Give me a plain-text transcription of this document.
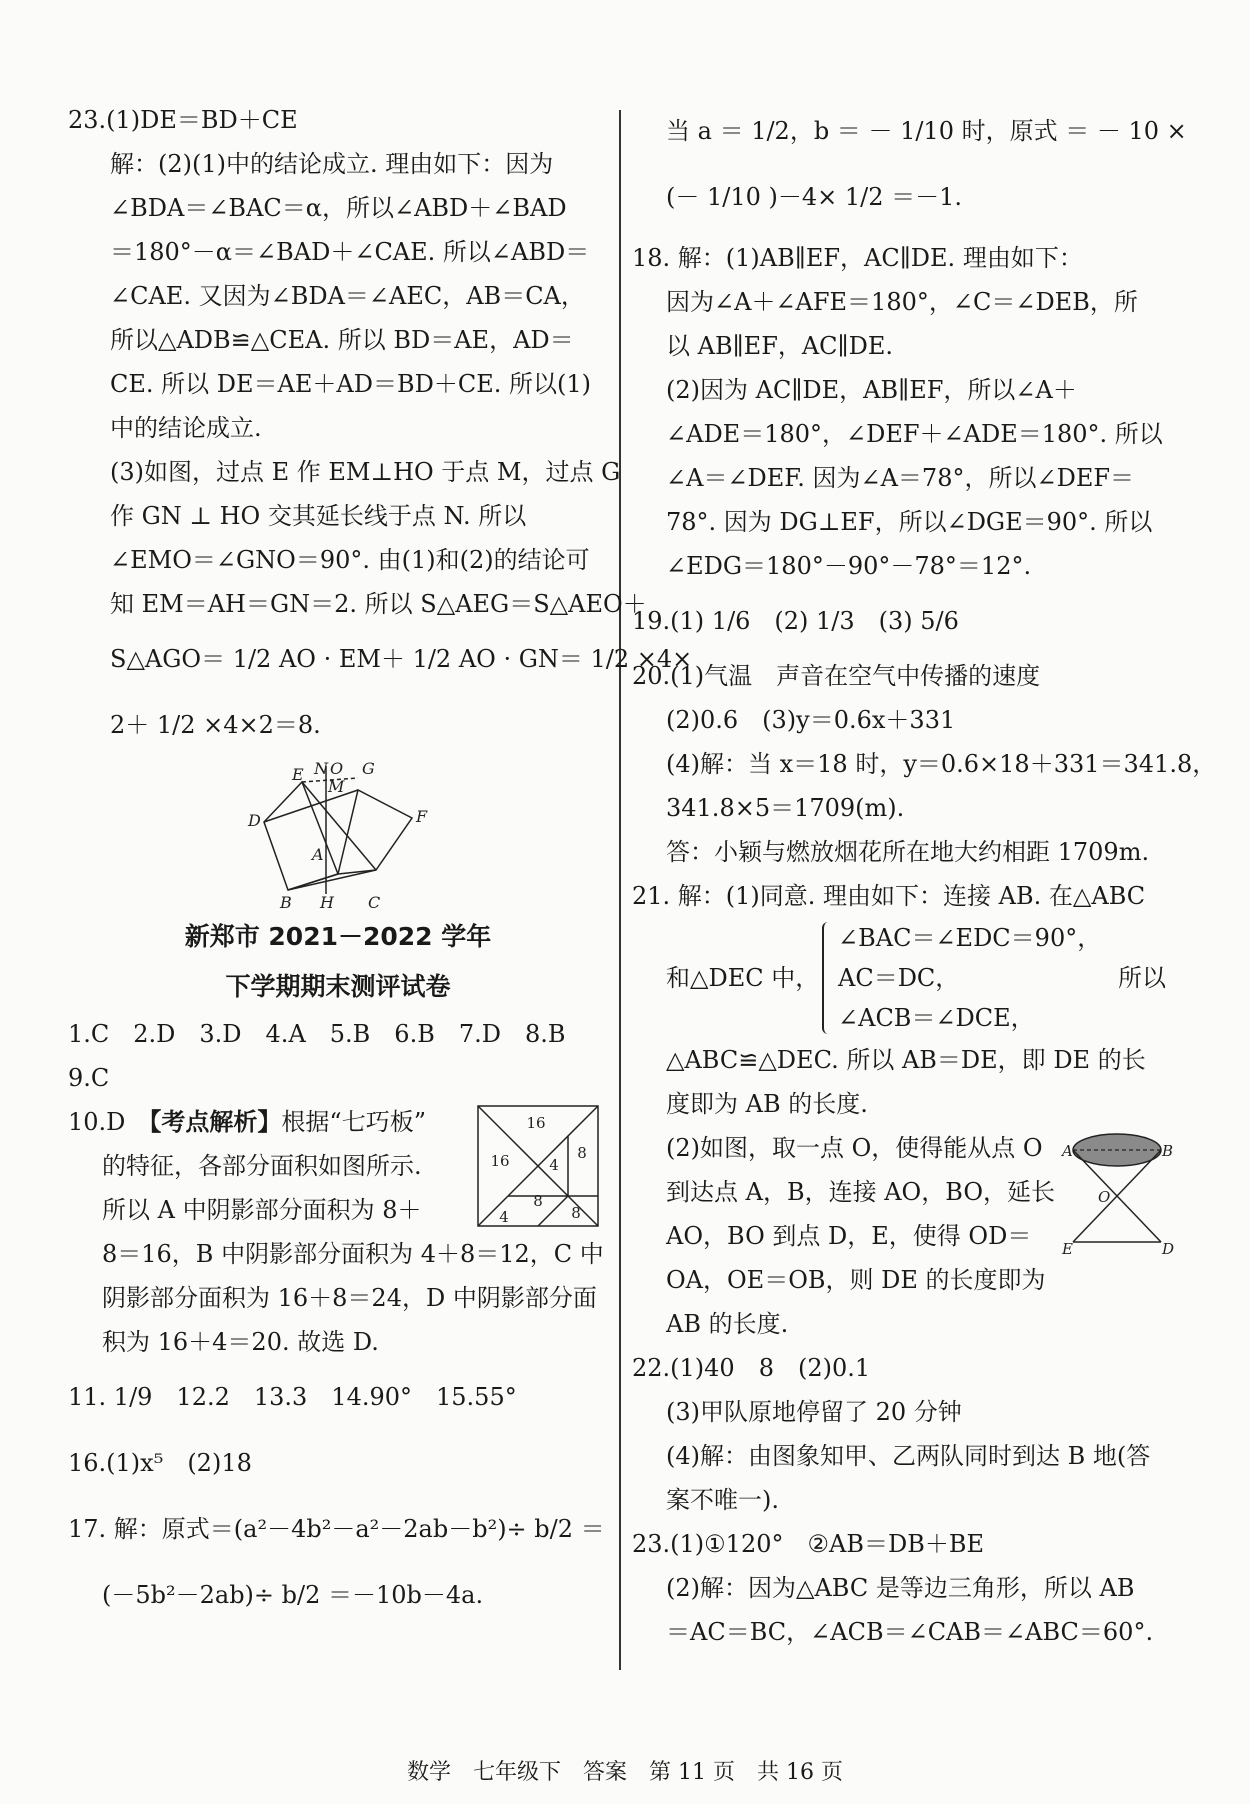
23.(1)DE＝BD＋CE
解：(2)(1)中的结论成立. 理由如下：因为
∠BDA＝∠BAC＝α，所以∠ABD＋∠BAD
＝180°－α＝∠BAD＋∠CAE. 所以∠ABD＝
∠CAE. 又因为∠BDA＝∠AEC，AB＝CA，
所以△ADB≌△CEA. 所以 BD＝AE，AD＝
CE. 所以 DE＝AE＋AD＝BD＋CE. 所以(1)
中的结论成立.
(3)如图，过点 E 作 EM⊥HO 于点 M，过点 G
作 GN ⊥ HO 交其延长线于点 N. 所以
∠EMO＝∠GNO＝90°. 由(1)和(2)的结论可
知 EM＝AH＝GN＝2. 所以 S△AEG＝S△AEO＋
S△AGO＝ 1/2 AO · EM＋ 1/2 AO · GN＝ 1/2 ×4×
2＋ 1/2 ×4×2＝8.
E N O G
M
D	F
A
B H C
新郑市 2021－2022 学年
下学期期末测评试卷
1.C　2.D　3.D　4.A　5.B　6.B　7.D　8.B
9.C
10.D　【考点解析】根据“七巧板”
的特征，各部分面积如图所示.
所以 A 中阴影部分面积为 8＋
8＝16，B 中阴影部分面积为 4＋8＝12，C 中
阴影部分面积为 16＋8＝24，D 中阴影部分面
积为 16＋4＝20. 故选 D.
16
16	4
8
8
4	8
11. 1/9　12.2　13.3　14.90°　15.55°
16.(1)x⁵　(2)18
17. 解：原式＝(a²－4b²－a²－2ab－b²)÷ b/2 ＝
(－5b²－2ab)÷ b/2 ＝－10b－4a.
当 a ＝ 1/2，b ＝ － 1/10 时，原式 ＝ － 10 ×
(－ 1/10 )－4× 1/2 ＝－1.
18. 解：(1)AB∥EF，AC∥DE. 理由如下：
因为∠A＋∠AFE＝180°，∠C＝∠DEB，所
以 AB∥EF，AC∥DE.
(2)因为 AC∥DE，AB∥EF，所以∠A＋
∠ADE＝180°，∠DEF＋∠ADE＝180°. 所以
∠A＝∠DEF. 因为∠A＝78°，所以∠DEF＝
78°. 因为 DG⊥EF，所以∠DGE＝90°. 所以
∠EDG＝180°－90°－78°＝12°.
19.(1) 1/6　(2) 1/3　(3) 5/6
20.(1)气温　声音在空气中传播的速度
(2)0.6　(3)y＝0.6x＋331
(4)解：当 x＝18 时，y＝0.6×18＋331＝341.8，
341.8×5＝1709(m).
答：小颖与燃放烟花所在地大约相距 1709m.
21. 解：(1)同意. 理由如下：连接 AB. 在△ABC
和△DEC 中，
∠BAC＝∠EDC＝90°，
AC＝DC，
∠ACB＝∠DCE，
所以
△ABC≌△DEC. 所以 AB＝DE，即 DE 的长
度即为 AB 的长度.
(2)如图，取一点 O，使得能从点 O
到达点 A，B，连接 AO，BO，延长
AO，BO 到点 D，E，使得 OD＝
OA，OE＝OB，则 DE 的长度即为
AB 的长度.
A	B
O
E	D
22.(1)40　8　(2)0.1
(3)甲队原地停留了 20 分钟
(4)解：由图象知甲、乙两队同时到达 B 地(答
案不唯一).
23.(1)①120°　②AB＝DB＋BE
(2)解：因为△ABC 是等边三角形，所以 AB
＝AC＝BC，∠ACB＝∠CAB＝∠ABC＝60°.
数学　七年级下　答案　第 11 页　共 16 页
